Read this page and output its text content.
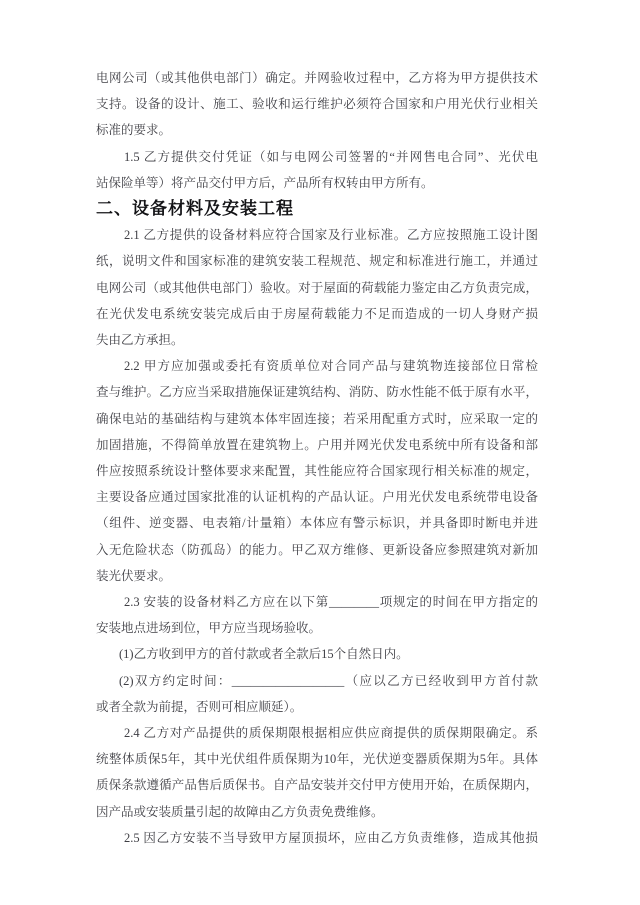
电网公司（或其他供电部门）确定。并网验收过程中，乙方将为甲方提供技术
支持。设备的设计、施工、验收和运行维护必须符合国家和户用光伏行业相关
标准的要求。
1.5 乙方提供交付凭证（如与电网公司签署的“并网售电合同”、光伏电
站保险单等）将产品交付甲方后，产品所有权转由甲方所有。
二、设备材料及安装工程
2.1 乙方提供的设备材料应符合国家及行业标准。乙方应按照施工设计图
纸，说明文件和国家标准的建筑安装工程规范、规定和标准进行施工，并通过
电网公司（或其他供电部门）验收。对于屋面的荷载能力鉴定由乙方负责完成，
在光伏发电系统安装完成后由于房屋荷载能力不足而造成的一切人身财产损
失由乙方承担。
2.2 甲方应加强或委托有资质单位对合同产品与建筑物连接部位日常检
查与维护。乙方应当采取措施保证建筑结构、消防、防水性能不低于原有水平，
确保电站的基础结构与建筑本体牢固连接；若采用配重方式时，应采取一定的
加固措施，不得简单放置在建筑物上。户用并网光伏发电系统中所有设备和部
件应按照系统设计整体要求来配置，其性能应符合国家现行相关标准的规定，
主要设备应通过国家批准的认证机构的产品认证。户用光伏发电系统带电设备
（组件、逆变器、电表箱/计量箱）本体应有警示标识，并具备即时断电并进
入无危险状态（防孤岛）的能力。甲乙双方维修、更新设备应参照建筑对新加
装光伏要求。
2.3 安装的设备材料乙方应在以下第________项规定的时间在甲方指定的
安装地点进场到位，甲方应当现场验收。
(1)乙方收到甲方的首付款或者全款后15个自然日内。
(2)双方约定时间：__________________（应以乙方已经收到甲方首付款
或者全款为前提，否则可相应顺延）。
2.4 乙方对产品提供的质保期限根据相应供应商提供的质保期限确定。系
统整体质保5年，其中光伏组件质保期为10年，光伏逆变器质保期为5年。具体
质保条款遵循产品售后质保书。自产品安装并交付甲方使用开始，在质保期内，
因产品或安装质量引起的故障由乙方负责免费维修。
2.5 因乙方安装不当导致甲方屋顶损坏，应由乙方负责维修，造成其他损
